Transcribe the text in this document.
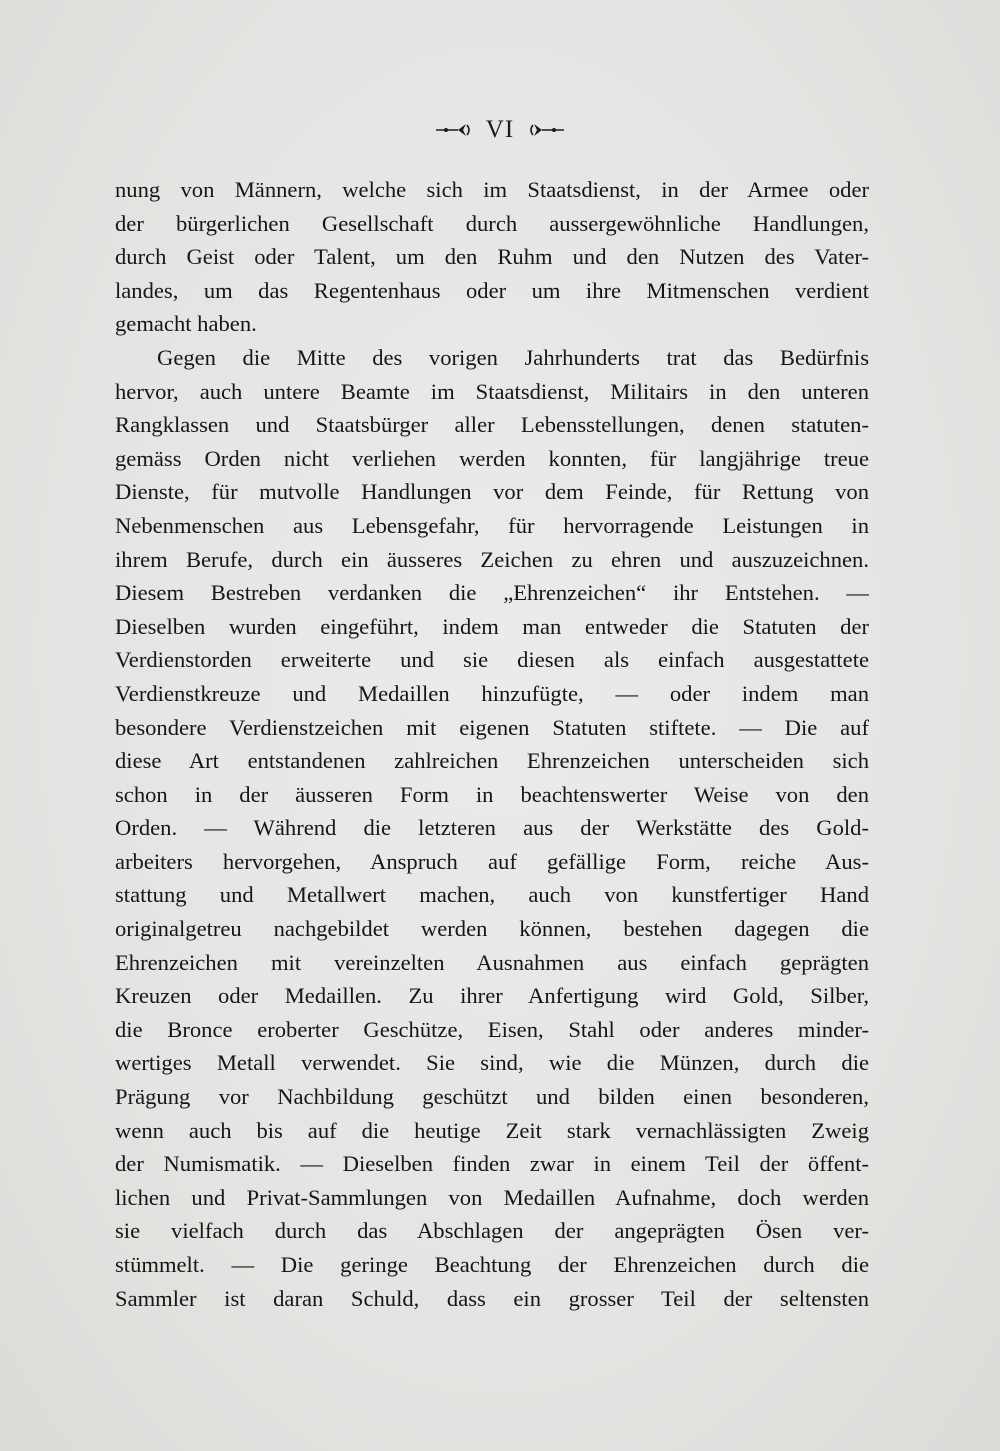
VI
nung von Männern, welche sich im Staatsdienst, in der Armee oder
der bürgerlichen Gesellschaft durch aussergewöhnliche Handlungen,
durch Geist oder Talent, um den Ruhm und den Nutzen des Vater-
landes, um das Regentenhaus oder um ihre Mitmenschen verdient
gemacht haben.
Gegen die Mitte des vorigen Jahrhunderts trat das Bedürfnis
hervor, auch untere Beamte im Staatsdienst, Militairs in den unteren
Rangklassen und Staatsbürger aller Lebensstellungen, denen statuten-
gemäss Orden nicht verliehen werden konnten, für langjährige treue
Dienste, für mutvolle Handlungen vor dem Feinde, für Rettung von
Nebenmenschen aus Lebensgefahr, für hervorragende Leistungen in
ihrem Berufe, durch ein äusseres Zeichen zu ehren und auszuzeichnen.
Diesem Bestreben verdanken die „Ehrenzeichen“ ihr Entstehen. —
Dieselben wurden eingeführt, indem man entweder die Statuten der
Verdienstorden erweiterte und sie diesen als einfach ausgestattete
Verdienstkreuze und Medaillen hinzufügte, — oder indem man
besondere Verdienstzeichen mit eigenen Statuten stiftete. — Die auf
diese Art entstandenen zahlreichen Ehrenzeichen unterscheiden sich
schon in der äusseren Form in beachtenswerter Weise von den
Orden. — Während die letzteren aus der Werkstätte des Gold-
arbeiters hervorgehen, Anspruch auf gefällige Form, reiche Aus-
stattung und Metallwert machen, auch von kunstfertiger Hand
originalgetreu nachgebildet werden können, bestehen dagegen die
Ehrenzeichen mit vereinzelten Ausnahmen aus einfach geprägten
Kreuzen oder Medaillen. Zu ihrer Anfertigung wird Gold, Silber,
die Bronce eroberter Geschütze, Eisen, Stahl oder anderes minder-
wertiges Metall verwendet. Sie sind, wie die Münzen, durch die
Prägung vor Nachbildung geschützt und bilden einen besonderen,
wenn auch bis auf die heutige Zeit stark vernachlässigten Zweig
der Numismatik. — Dieselben finden zwar in einem Teil der öffent-
lichen und Privat-Sammlungen von Medaillen Aufnahme, doch werden
sie vielfach durch das Abschlagen der angeprägten Ösen ver-
stümmelt. — Die geringe Beachtung der Ehrenzeichen durch die
Sammler ist daran Schuld, dass ein grosser Teil der seltensten
